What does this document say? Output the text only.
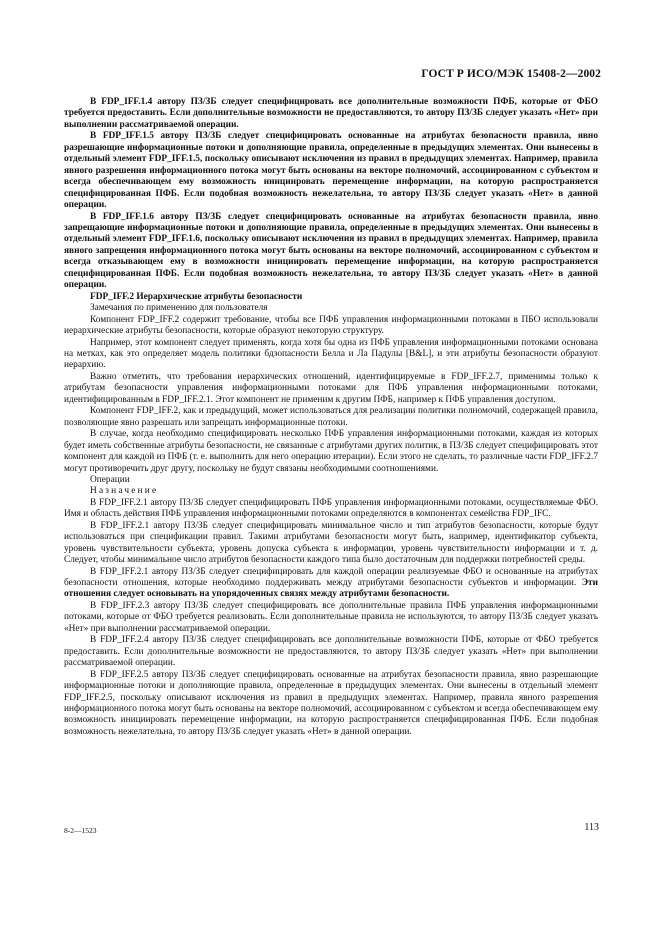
ГОСТ Р ИСО/МЭК 15408-2—2002

В FDP_IFF.1.4 автору ПЗ/ЗБ следует специфицировать все дополнительные возможности ПФБ, которые от ФБО требуется предоставить. Если дополнительные возможности не предоставляются, то автору ПЗ/ЗБ следует указать «Нет» при выполнении рассматриваемой операции.

В FDP_IFF.1.5 автору ПЗ/ЗБ следует специфицировать основанные на атрибутах безопасности правила, явно разрешающие информационные потоки и дополняющие правила, определенные в предыдущих элементах. Они вынесены в отдельный элемент FDP_IFF.1.5, поскольку описывают исключения из правил в предыдущих элементах. Например, правила явного разрешения информационного потока могут быть основаны на векторе полномочий, ассоциированном с субъектом и всегда обеспечивающем ему возможность инициировать перемещение информации, на которую распространяется специфицированная ПФБ. Если подобная возможность нежелательна, то автору ПЗ/ЗБ следует указать «Нет» в данной операции.

В FDP_IFF.1.6 автору ПЗ/ЗБ следует специфицировать основанные на атрибутах безопасности правила, явно запрещающие информационные потоки и дополняющие правила, определенные в предыдущих элементах. Они вынесены в отдельный элемент FDP_IFF.1.6, поскольку описывают исключения из правил в предыдущих элементах. Например, правила явного запрещения информационного потока могут быть основаны на векторе полномочий, ассоциированном с субъектом и всегда отказывающем ему в возможности инициировать перемещение информации, на которую распространяется специфицированная ПФБ. Если подобная возможность нежелательна, то автору ПЗ/ЗБ следует указать «Нет» в данной операции.

FDP_IFF.2 Иерархические атрибуты безопасности

Замечания по применению для пользователя

Компонент FDP_IFF.2 содержит требование, чтобы все ПФБ управления информационными потоками в ПБО использовали иерархические атрибуты безопасности, которые образуют некоторую структуру.

Например, этот компонент следует применять, когда хотя бы одна из ПФБ управления информационными потоками основана на метках, как это определяет модель политики бдзопасности Белла и Ла Падулы [B&L], и эти атрибуты безопасности образуют иерархию.

Важно отметить, что требования иерархических отношений, идентифицируемые в FDP_IFF.2.7, применимы только к атрибутам безопасности управления информационными потоками для ПФБ управления информационными потоками, идентифицированным в FDP_IFF.2.1. Этот компонент не применим к другим ПФБ, например к ПФБ управления доступом.

Компонент FDP_IFF.2, как и предыдущий, может использоваться для реализации политики полномочий, содержащей правила, позволяющие явно разрешать или запрещать информационные потоки.

В случае, когда необходимо специфицировать несколько ПФБ управления информационными потоками, каждая из которых будет иметь собственные атрибуты безопасности, не связанные с атрибутами других политик, в ПЗ/ЗБ следует специфицировать этот компонент для каждой из ПФБ (т. е. выполнить для него операцию итерации). Если этого не сделать, то различные части FDP_IFF.2.7 могут противоречить друг другу, поскольку не будут связаны необходимыми соотношениями.

Операции

Назначение

В FDP_IFF.2.1 автору ПЗ/ЗБ следует специфицировать ПФБ управления информационными потоками, осуществляемые ФБО. Имя и область действия ПФБ управления информационными потоками определяются в компонентах семейства FDP_IFC.

В FDP_IFF.2.1 автору ПЗ/ЗБ следует специфицировать минимальное число и тип атрибутов безопасности, которые будут использоваться при спецификации правил. Такими атрибутами безопасности могут быть, например, идентификатор субъекта, уровень чувствительности субъекта, уровень допуска субъекта к информации, уровень чувствительности информации и т. д. Следует, чтобы минимальное число атрибутов безопасности каждого типа было достаточным для поддержки потребностей среды.

В FDP_IFF.2.1 автору ПЗ/ЗБ следует специфицировать для каждой операции реализуемые ФБО и основанные на атрибутах безопасности отношения, которые необходимо поддерживать между атрибутами безопасности субъектов и информации. Эти отношения следует основывать на упорядоченных связях между атрибутами безопасности.

В FDP_IFF.2.3 автору ПЗ/ЗБ следует специфицировать все дополнительные правила ПФБ управления информационными потоками, которые от ФБО требуется реализовать. Если дополнительные правила не используются, то автору ПЗ/ЗБ следует указать «Нет» при выполнении рассматриваемой операции.

В FDP_IFF.2.4 автору ПЗ/ЗБ следует специфицировать все дополнительные возможности ПФБ, которые от ФБО требуется предоставить. Если дополнительные возможности не предоставляются, то автору ПЗ/ЗБ следует указать «Нет» при выполнении рассматриваемой операции.

В FDP_IFF.2.5 автору ПЗ/ЗБ следует специфицировать основанные на атрибутах безопасности правила, явно разрешающие информационные потоки и дополняющие правила, определенные в предыдущих элементах. Они вынесены в отдельный элемент FDP_IFF.2.5, поскольку описывают исключения из правил в предыдущих элементах. Например, правила явного разрешения информационного потока могут быть основаны на векторе полномочий, ассоциированном с субъектом и всегда обеспечивающем ему возможность инициировать перемещение информации, на которую распространяется специфицированная ПФБ. Если подобная возможность нежелательна, то автору ПЗ/ЗБ следует указать «Нет» в данной операции.

8-2—1523	113
